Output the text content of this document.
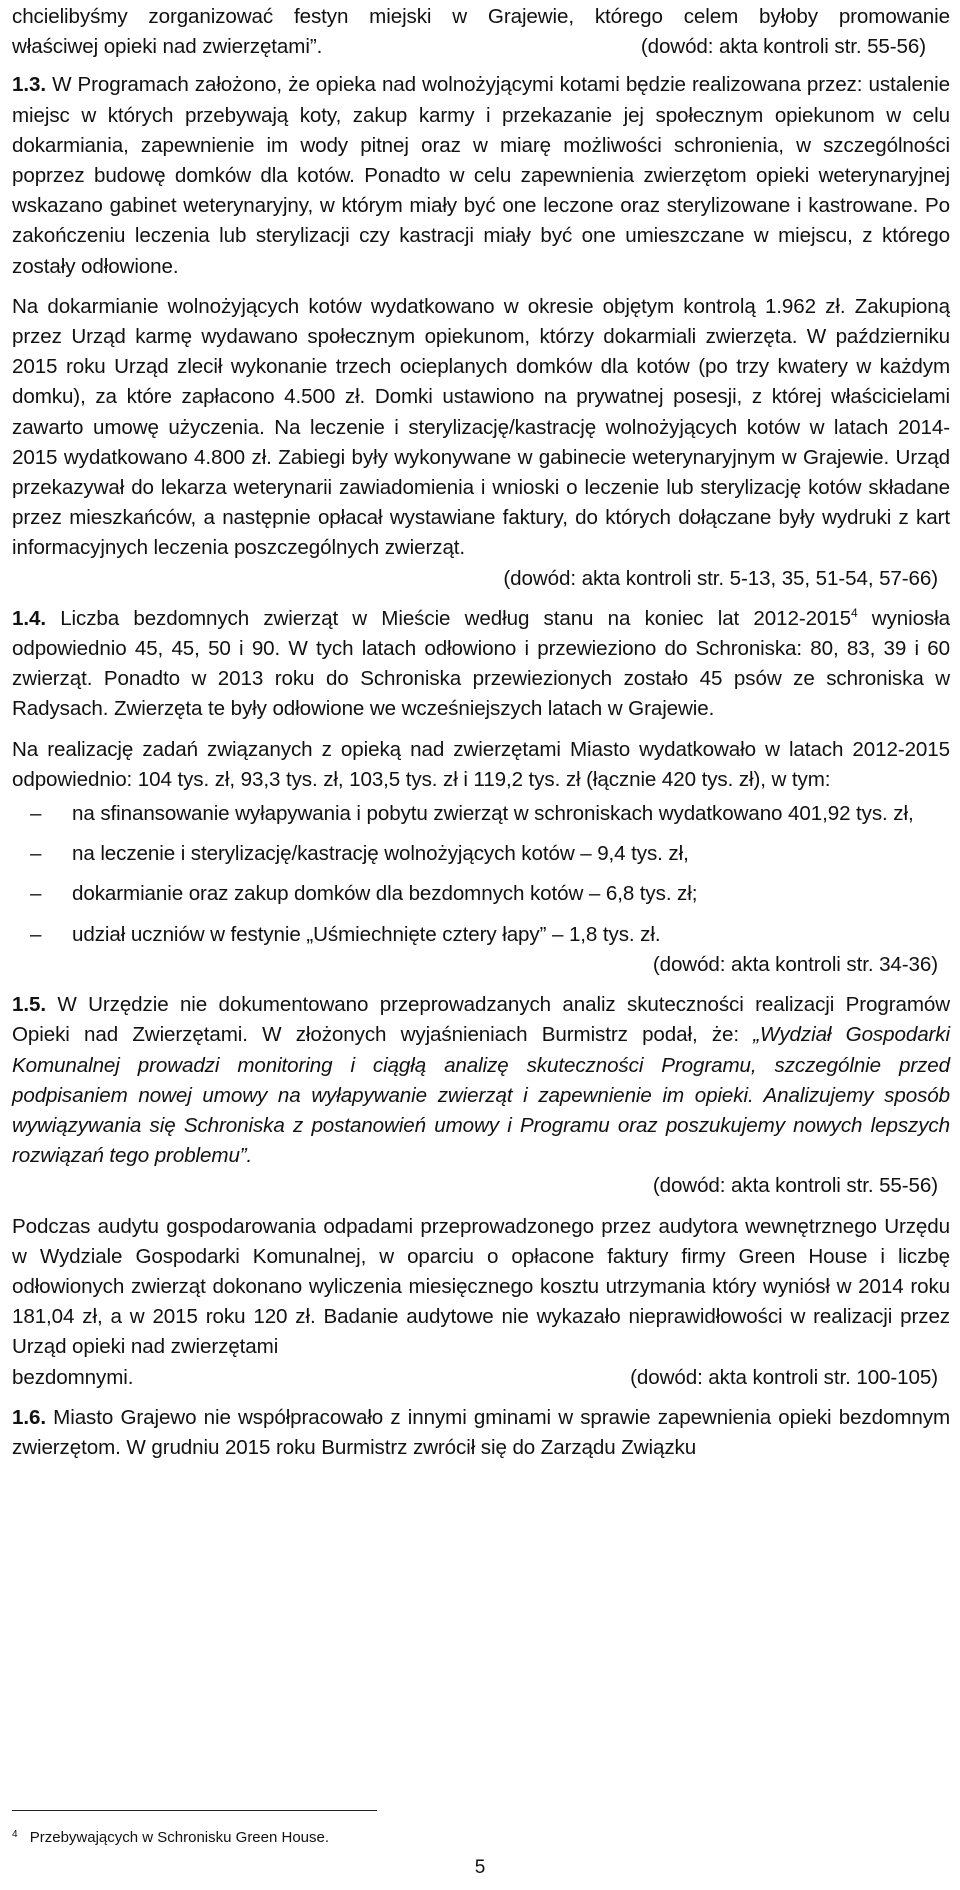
chcielibyśmy zorganizować festyn miejski w Grajewie, którego celem byłoby promowanie

właściwej opieki nad zwierzętami”.	(dowód: akta kontroli str. 55-56)

1.3. W Programach założono, że opieka nad wolnożyjącymi kotami będzie realizowana przez: ustalenie miejsc w których przebywają koty, zakup karmy i przekazanie jej społecznym opiekunom w celu dokarmiania, zapewnienie im wody pitnej oraz w miarę możliwości schronienia, w szczególności poprzez budowę domków dla kotów. Ponadto w celu zapewnienia zwierzętom opieki weterynaryjnej wskazano gabinet weterynaryjny, w którym miały być one leczone oraz sterylizowane i kastrowane. Po zakończeniu leczenia lub sterylizacji czy kastracji miały być one umieszczane w miejscu, z którego zostały odłowione.

Na dokarmianie wolnożyjących kotów wydatkowano w okresie objętym kontrolą 1.962 zł. Zakupioną przez Urząd karmę wydawano społecznym opiekunom, którzy dokarmiali zwierzęta. W październiku 2015 roku Urząd zlecił wykonanie trzech ocieplanych domków dla kotów (po trzy kwatery w każdym domku), za które zapłacono 4.500 zł. Domki ustawiono na prywatnej posesji, z której właścicielami zawarto umowę użyczenia. Na leczenie i sterylizację/kastrację wolnożyjących kotów w latach 2014-2015 wydatkowano 4.800 zł. Zabiegi były wykonywane w gabinecie weterynaryjnym w Grajewie. Urząd przekazywał do lekarza weterynarii zawiadomienia i wnioski o leczenie lub sterylizację kotów składane przez mieszkańców, a następnie opłacał wystawiane faktury, do których dołączane były wydruki z kart informacyjnych leczenia poszczególnych zwierząt.

(dowód: akta kontroli str. 5-13, 35, 51-54, 57-66)

1.4. Liczba bezdomnych zwierząt w Mieście według stanu na koniec lat 2012-2015$^4$ wyniosła odpowiednio 45, 45, 50 i 90. W tych latach odłowiono i przewieziono do Schroniska: 80, 83, 39 i 60 zwierząt. Ponadto w 2013 roku do Schroniska przewiezionych zostało 45 psów ze schroniska w Radysach. Zwierzęta te były odłowione we wcześniejszych latach w Grajewie.

Na realizację zadań związanych z opieką nad zwierzętami Miasto wydatkowało w latach 2012-2015 odpowiednio: 104 tys. zł, 93,3 tys. zł, 103,5 tys. zł i 119,2 tys. zł (łącznie 420 tys. zł), w tym:

– na sfinansowanie wyłapywania i pobytu zwierząt w schroniskach wydatkowano 401,92 tys. zł,
– na leczenie i sterylizację/kastrację wolnożyjących kotów – 9,4 tys. zł,
– dokarmianie oraz zakup domków dla bezdomnych kotów – 6,8 tys. zł;
– udział uczniów w festynie „Uśmiechnięte cztery łapy” – 1,8 tys. zł.

(dowód: akta kontroli str. 34-36)

1.5. W Urzędzie nie dokumentowano przeprowadzanych analiz skuteczności realizacji Programów Opieki nad Zwierzętami. W złożonych wyjaśnieniach Burmistrz podał, że: „Wydział Gospodarki Komunalnej prowadzi monitoring i ciągłą analizę skuteczności Programu, szczególnie przed podpisaniem nowej umowy na wyłapywanie zwierząt i zapewnienie im opieki. Analizujemy sposób wywiązywania się Schroniska z postanowień umowy i Programu oraz poszukujemy nowych lepszych rozwiązań tego problemu”.

(dowód: akta kontroli str. 55-56)

Podczas audytu gospodarowania odpadami przeprowadzonego przez audytora wewnętrznego Urzędu w Wydziale Gospodarki Komunalnej, w oparciu o opłacone faktury firmy Green House i liczbę odłowionych zwierząt dokonano wyliczenia miesięcznego kosztu utrzymania który wyniósł w 2014 roku 181,04 zł, a w 2015 roku 120 zł. Badanie audytowe nie wykazało nieprawidłowości w realizacji przez Urząd opieki nad zwierzętami

bezdomnymi.	(dowód: akta kontroli str. 100-105)

1.6. Miasto Grajewo nie współpracowało z innymi gminami w sprawie zapewnienia opieki bezdomnym zwierzętom. W grudniu 2015 roku Burmistrz zwrócił się do Zarządu Związku

$^4$ Przebywających w Schronisku Green House.
5
